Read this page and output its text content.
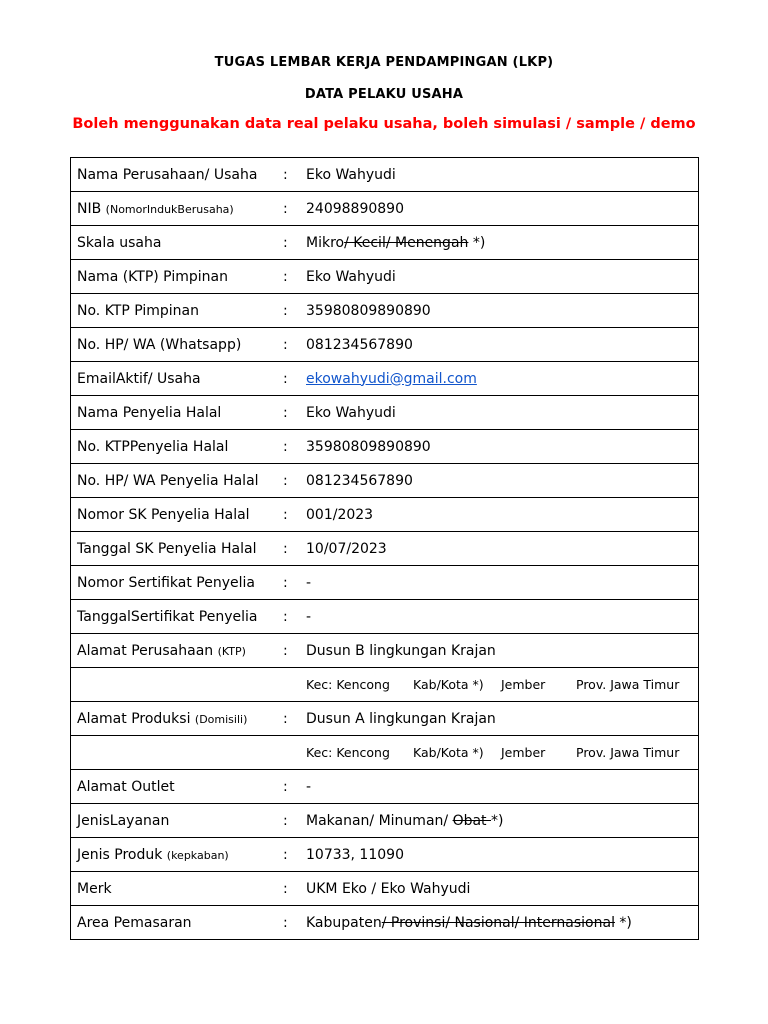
TUGAS LEMBAR KERJA PENDAMPINGAN (LKP)
DATA PELAKU USAHA
Boleh menggunakan data real pelaku usaha, boleh simulasi / sample / demo
Nama Perusahaan/ Usaha	:	Eko Wahyudi
NIB (NomorIndukBerusaha)	:	24098890890
Skala usaha	:	Mikro/ Kecil/ Menengah *)
Nama (KTP) Pimpinan	:	Eko Wahyudi
No. KTP Pimpinan	:	35980809890890
No. HP/ WA (Whatsapp)	:	081234567890
EmailAktif/ Usaha	:	ekowahyudi@gmail.com
Nama Penyelia Halal	:	Eko Wahyudi
No. KTPPenyelia Halal	:	35980809890890
No. HP/ WA Penyelia Halal	:	081234567890
Nomor SK Penyelia Halal	:	001/2023
Tanggal SK Penyelia Halal	:	10/07/2023
Nomor Sertifikat Penyelia	:	-
TanggalSertifikat Penyelia	:	-
Alamat Perusahaan (KTP)	:	Dusun B lingkungan Krajan
		Kec: Kencong Kab/Kota *) Jember Prov. Jawa Timur
Alamat Produksi (Domisili)	:	Dusun A lingkungan Krajan
		Kec: Kencong Kab/Kota *) Jember Prov. Jawa Timur
Alamat Outlet	:	-
JenisLayanan	:	Makanan/ Minuman/ Obat *)
Jenis Produk (kepkaban)	:	10733, 11090
Merk	:	UKM Eko / Eko Wahyudi
Area Pemasaran	:	Kabupaten/ Provinsi/ Nasional/ Internasional *)
